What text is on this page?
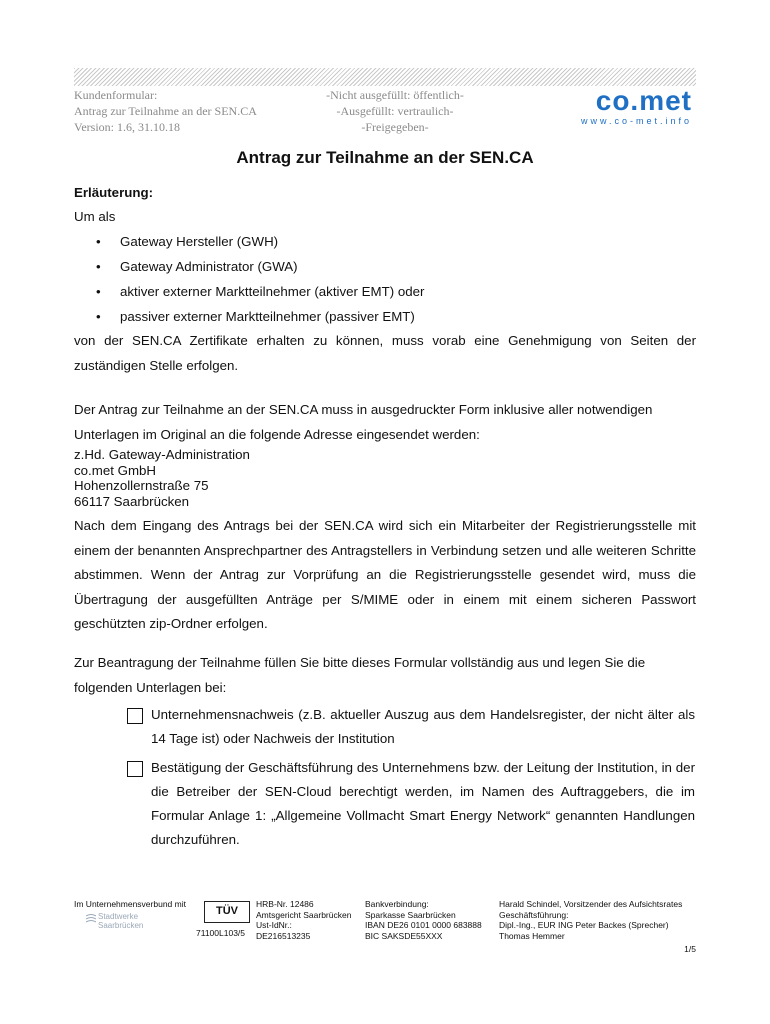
Kundenformular:
Antrag zur Teilnahme an der SEN.CA
Version: 1.6, 31.10.18
-Nicht ausgefüllt: öffentlich-
-Ausgefüllt: vertraulich-
-Freigegeben-
co.met
www.co-met.info
Antrag zur Teilnahme an der SEN.CA
Erläuterung:
Um als
• Gateway Hersteller (GWH)
• Gateway Administrator (GWA)
• aktiver externer Marktteilnehmer (aktiver EMT) oder
• passiver externer Marktteilnehmer (passiver EMT)
von der SEN.CA Zertifikate erhalten zu können, muss vorab eine Genehmigung von Seiten der zuständigen Stelle erfolgen.
Der Antrag zur Teilnahme an der SEN.CA muss in ausgedruckter Form inklusive aller notwendigen Unterlagen im Original an die folgende Adresse eingesendet werden:
z.Hd. Gateway-Administration
co.met GmbH
Hohenzollernstraße 75
66117 Saarbrücken
Nach dem Eingang des Antrags bei der SEN.CA wird sich ein Mitarbeiter der Registrierungsstelle mit einem der benannten Ansprechpartner des Antragstellers in Verbindung setzen und alle weiteren Schritte abstimmen. Wenn der Antrag zur Vorprüfung an die Registrierungsstelle gesendet wird, muss die Übertragung der ausgefüllten Anträge per S/MIME oder in einem mit einem sicheren Passwort geschützten zip-Ordner erfolgen.
Zur Beantragung der Teilnahme füllen Sie bitte dieses Formular vollständig aus und legen Sie die folgenden Unterlagen bei:
Unternehmensnachweis (z.B. aktueller Auszug aus dem Handelsregister, der nicht älter als 14 Tage ist) oder Nachweis der Institution
Bestätigung der Geschäftsführung des Unternehmens bzw. der Leitung der Institution, in der die Betreiber der SEN-Cloud berechtigt werden, im Namen des Auftraggebers, die im Formular Anlage 1: „Allgemeine Vollmacht Smart Energy Network“ genannten Handlungen durchzuführen.
Im Unternehmensverbund mit
Stadtwerke
Saarbrücken
TÜV
71100L103/5
HRB-Nr. 12486
Amtsgericht Saarbrücken
Ust-IdNr.:
DE216513235
Bankverbindung:
Sparkasse Saarbrücken
IBAN DE26 0101 0000 683888
BIC SAKSDE55XXX
Harald Schindel, Vorsitzender des Aufsichtsrates
Geschäftsführung:
Dipl.-Ing., EUR ING Peter Backes (Sprecher)
Thomas Hemmer
1/5
